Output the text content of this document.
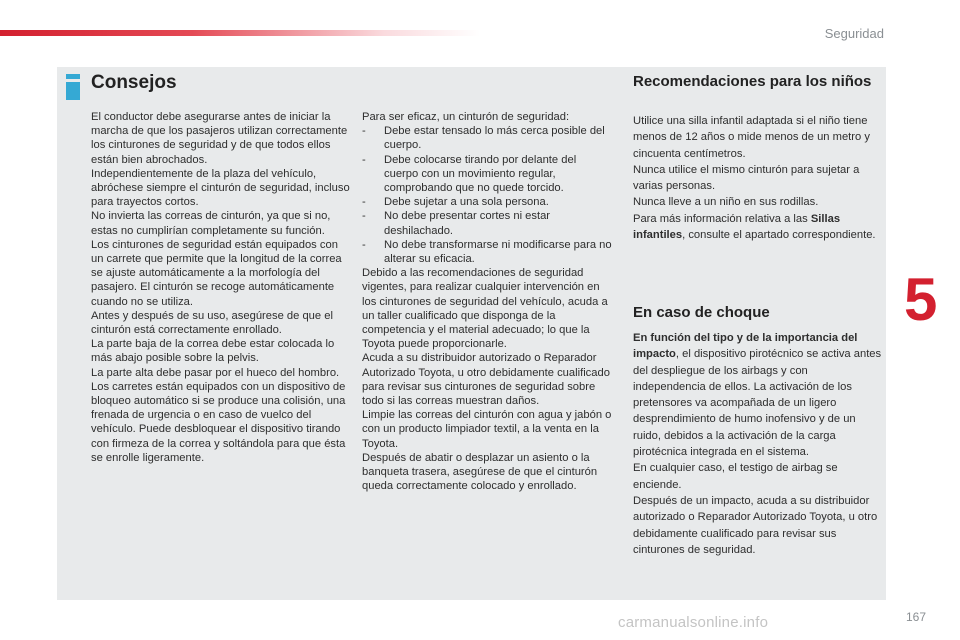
Seguridad
Consejos

El conductor debe asegurarse antes de iniciar la marcha de que los pasajeros utilizan correctamente los cinturones de seguridad y de que todos ellos están bien abrochados.

Independientemente de la plaza del vehículo, abróchese siempre el cinturón de seguridad, incluso para trayectos cortos.

No invierta las correas de cinturón, ya que si no, estas no cumplirían completamente su función.

Los cinturones de seguridad están equipados con un carrete que permite que la longitud de la correa se ajuste automáticamente a la morfología del pasajero. El cinturón se recoge automáticamente cuando no se utiliza.

Antes y después de su uso, asegúrese de que el cinturón está correctamente enrollado.

La parte baja de la correa debe estar colocada lo más abajo posible sobre la pelvis.

La parte alta debe pasar por el hueco del hombro.

Los carretes están equipados con un dispositivo de bloqueo automático si se produce una colisión, una frenada de urgencia o en caso de vuelco del vehículo. Puede desbloquear el dispositivo tirando con firmeza de la correa y soltándola para que ésta se enrolle ligeramente.

Para ser eficaz, un cinturón de seguridad:

-	Debe estar tensado lo más cerca posible del cuerpo.
-	Debe colocarse tirando por delante del cuerpo con un movimiento regular, comprobando que no quede torcido.
-	Debe sujetar a una sola persona.
-	No debe presentar cortes ni estar deshilachado.
-	No debe transformarse ni modificarse para no alterar su eficacia.

Debido a las recomendaciones de seguridad vigentes, para realizar cualquier intervención en los cinturones de seguridad del vehículo, acuda a un taller cualificado que disponga de la competencia y el material adecuado; lo que la Toyota puede proporcionarle.

Acuda a su distribuidor autorizado o Reparador Autorizado Toyota, u otro debidamente cualificado para revisar sus cinturones de seguridad sobre todo si las correas muestran daños.

Limpie las correas del cinturón con agua y jabón o con un producto limpiador textil, a la venta en la Toyota.

Después de abatir o desplazar un asiento o la banqueta trasera, asegúrese de que el cinturón queda correctamente colocado y enrollado.

Recomendaciones para los niños

Utilice una silla infantil adaptada si el niño tiene menos de 12 años o mide menos de un metro y cincuenta centímetros.

Nunca utilice el mismo cinturón para sujetar a varias personas.

Nunca lleve a un niño en sus rodillas.

Para más información relativa a las Sillas infantiles, consulte el apartado correspondiente.

En caso de choque

En función del tipo y de la importancia del impacto, el dispositivo pirotécnico se activa antes del despliegue de los airbags y con independencia de ellos. La activación de los pretensores va acompañada de un ligero desprendimiento de humo inofensivo y de un ruido, debidos a la activación de la carga pirotécnica integrada en el sistema.

En cualquier caso, el testigo de airbag se enciende.

Después de un impacto, acuda a su distribuidor autorizado o Reparador Autorizado Toyota, u otro debidamente cualificado para revisar sus cinturones de seguridad.

5
carmanualsonline.info	167
